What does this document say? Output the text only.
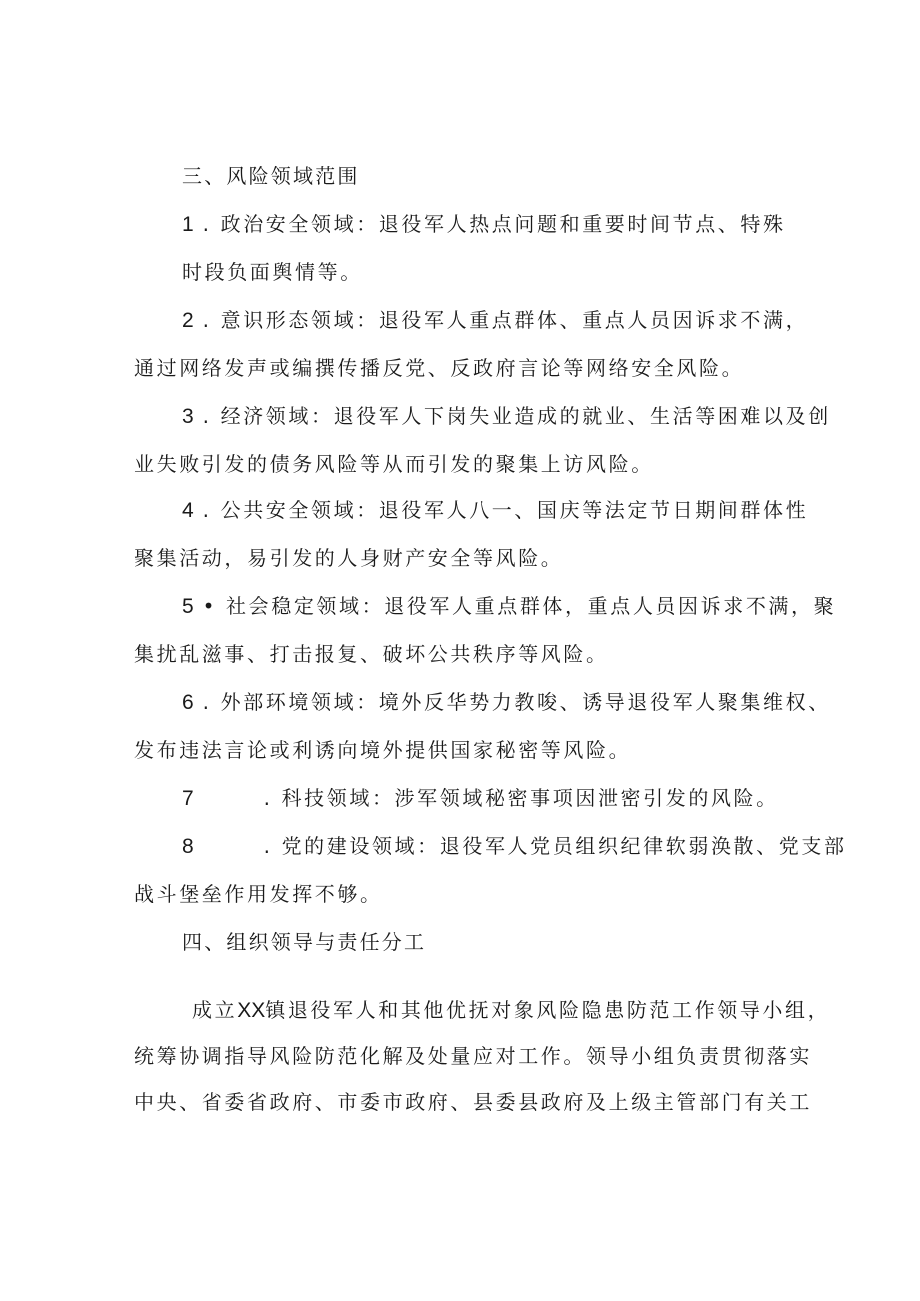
三、风险领域范围
1 . 政治安全领域：退役军人热点问题和重要时间节点、特殊
时段负面舆情等。
2 . 意识形态领域：退役军人重点群体、重点人员因诉求不满，
通过网络发声或编撰传播反党、反政府言论等网络安全风险。
3 . 经济领域：退役军人下岗失业造成的就业、生活等困难以及创
业失败引发的债务风险等从而引发的聚集上访风险。
4 . 公共安全领域：退役军人八一、国庆等法定节日期间群体性
聚集活动，易引发的人身财产安全等风险。
5 • 社会稳定领域：退役军人重点群体，重点人员因诉求不满，聚
集扰乱滋事、打击报复、破坏公共秩序等风险。
6 . 外部环境领域：境外反华势力教唆、诱导退役军人聚集维权、
发布违法言论或利诱向境外提供国家秘密等风险。
7	. 科技领域：涉军领域秘密事项因泄密引发的风险。
8	. 党的建设领域：退役军人党员组织纪律软弱涣散、党支部
战斗堡垒作用发挥不够。
四、组织领导与责任分工
成立XX镇退役军人和其他优抚对象风险隐患防范工作领导小组，
统筹协调指导风险防范化解及处量应对工作。领导小组负责贯彻落实
中央、省委省政府、市委市政府、县委县政府及上级主管部门有关工
